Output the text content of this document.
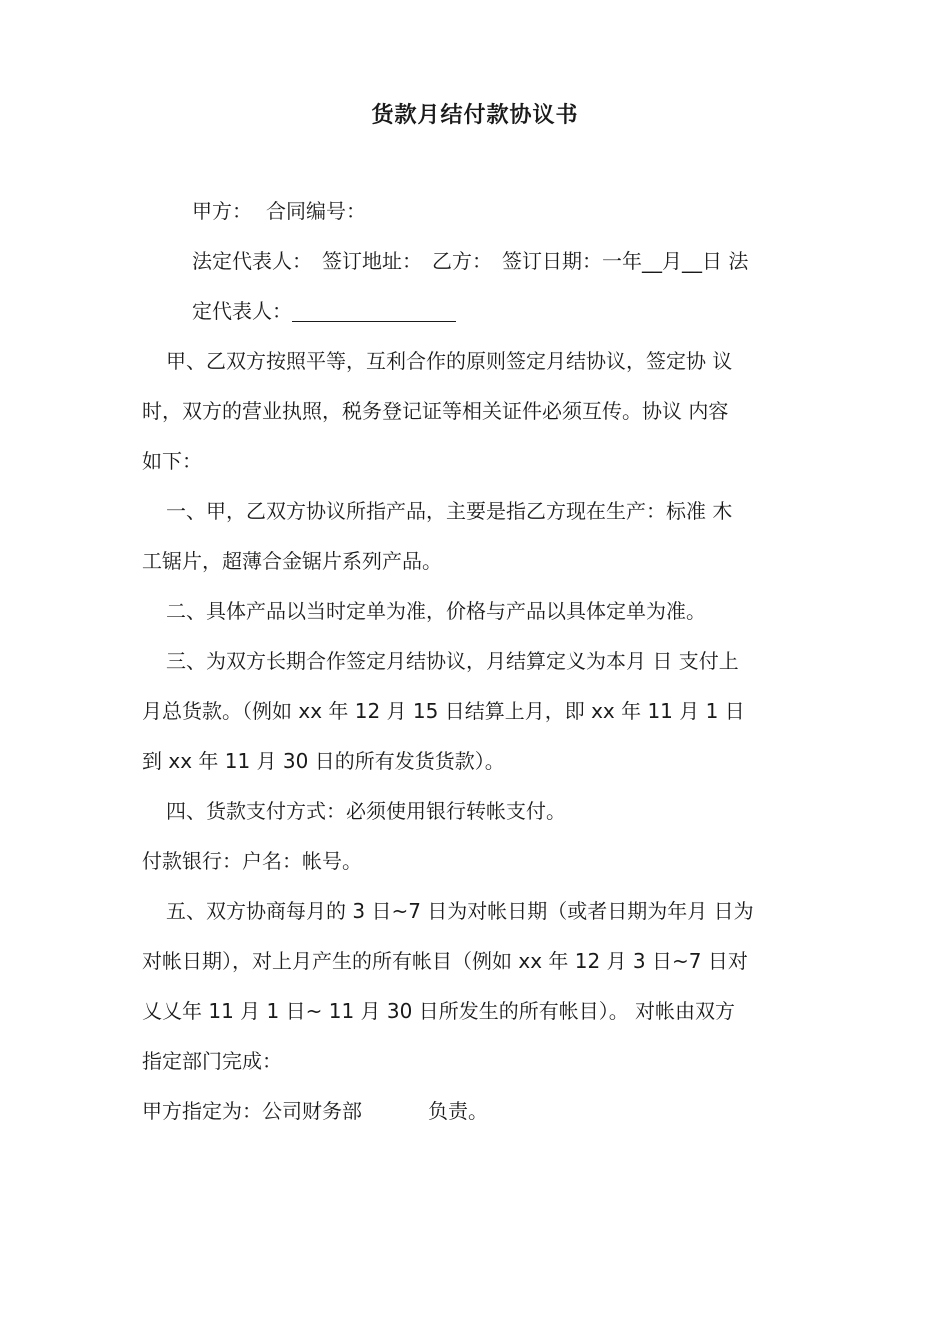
货款月结付款协议书
甲方： 合同编号：
法定代表人： 签订地址： 乙方： 签订日期：一年__月__日 法
定代表人：
甲、乙双方按照平等，互利合作的原则签定月结协议，签定协 议
时，双方的营业执照，税务登记证等相关证件必须互传。协议 内容
如下：
一、甲，乙双方协议所指产品，主要是指乙方现在生产：标准 木
工锯片，超薄合金锯片系列产品。
二、具体产品以当时定单为准，价格与产品以具体定单为准。
三、为双方长期合作签定月结协议，月结算定义为本月 日 支付上
月总货款。（例如 xx 年 12 月 15 日结算上月，即 xx 年 11 月 1 日
到 xx 年 11 月 30 日的所有发货货款）。
四、货款支付方式：必须使用银行转帐支付。
付款银行：户名：帐号。
五、双方协商每月的 3 日~7 日为对帐日期（或者日期为年月 日为
对帐日期），对上月产生的所有帐目（例如 xx 年 12 月 3 日~7 日对
乂乂年 11 月 1 日~ 11 月 30 日所发生的所有帐目）。 对帐由双方
指定部门完成：
甲方指定为：公司财务部	负责。
